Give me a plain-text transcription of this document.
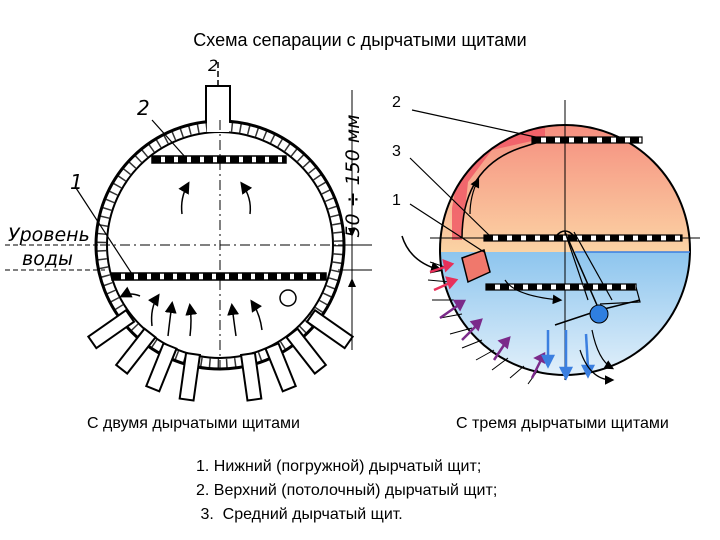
Схема сепарации с дырчатыми щитами
2
1
2
Уровень
воды
50 ÷ 150 мм
2
3
1
С двумя дырчатыми щитами	С тремя дырчатыми щитами
1. Нижний (погружной) дырчатый щит;
2. Верхний (потолочный) дырчатый щит;
3.  Средний дырчатый щит.
